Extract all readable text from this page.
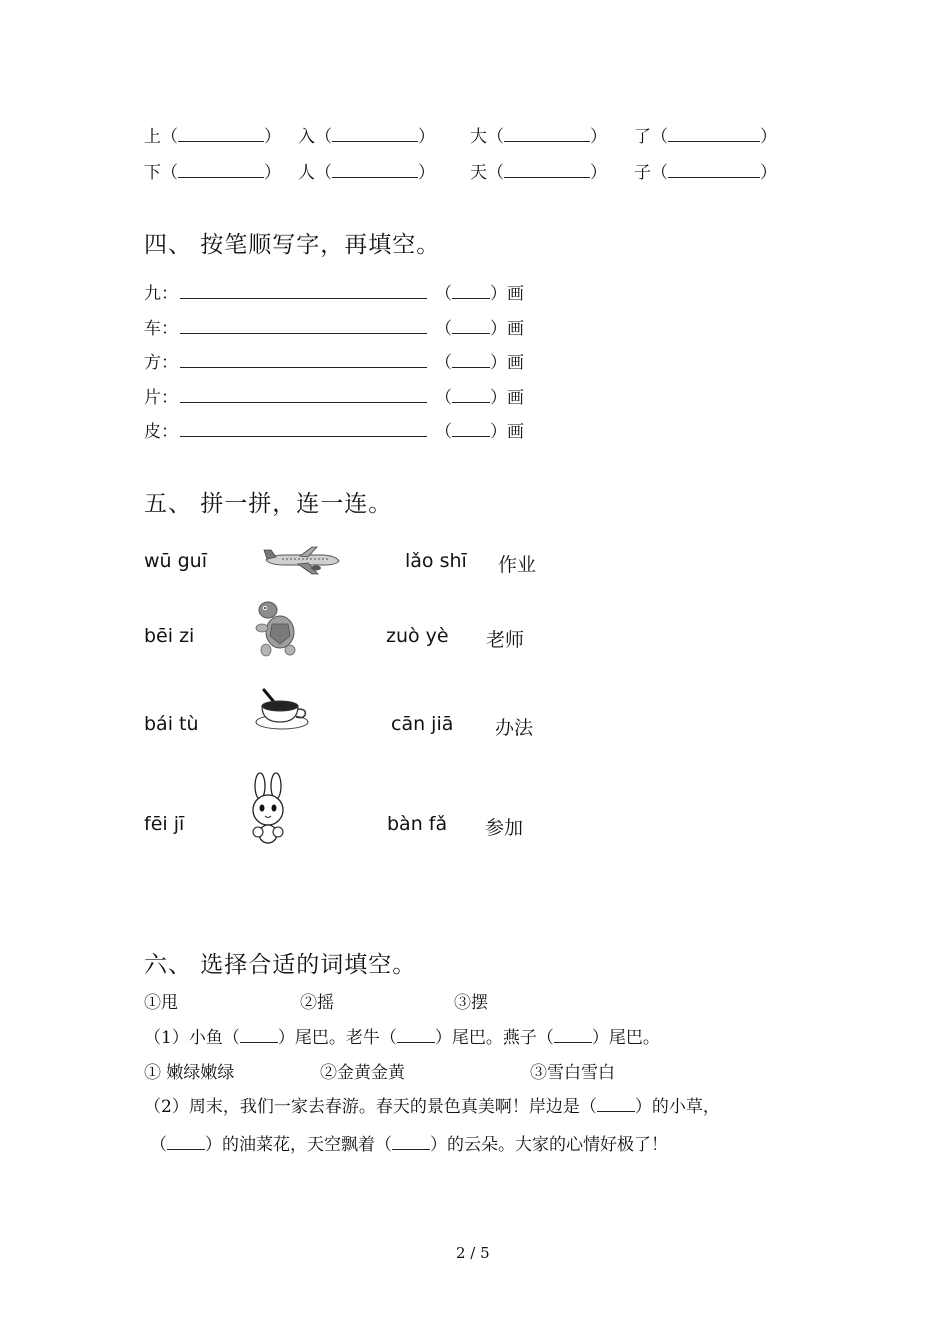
上（	） 入（	） 大（	） 了（	）
下（	） 人（	） 天（	） 子（	）
四、 按笔顺写字，再填空。
九：	（ ）画
车：	（ ）画
方：	（ ）画
片：	（ ）画
皮：	（ ）画
五、 拼一拼，连一连。
wū guī
bēi zi
bái tù
fēi jī
lǎo shī
zuò yè
cān jiā
bàn fǎ
作业
老师
办法
参加
六、 选择合适的词填空。
①甩	②摇	③摆
（1）小鱼（ ）尾巴。老牛（ ）尾巴。燕子（ ）尾巴。
① 嫩绿嫩绿	②金黄金黄	③雪白雪白
（2）周末，我们一家去春游。春天的景色真美啊！岸边是（ ）的小草，
（ ）的油菜花，天空飘着（ ）的云朵。大家的心情好极了！
2 / 5
